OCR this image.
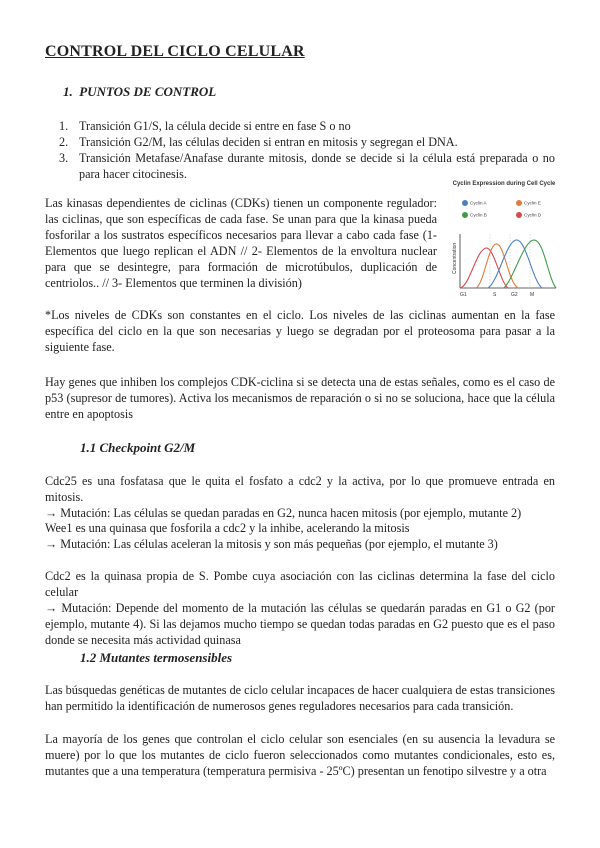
CONTROL DEL CICLO CELULAR
1. PUNTOS DE CONTROL
1. Transición G1/S, la célula decide si entre en fase S o no
2. Transición G2/M, las células deciden si entran en mitosis y segregan el DNA.
3. Transición Metafase/Anafase durante mitosis, donde se decide si la célula está preparada o no para hacer citocinesis.

Las kinasas dependientes de ciclinas (CDKs) tienen un componente regulador: las ciclinas, que son específicas de cada fase. Se unan para que la kinasa pueda fosforilar a los sustratos específicos necesarios para llevar a cabo cada fase (1- Elementos que luego replican el ADN // 2- Elementos de la envoltura nuclear para que se desintegre, para formación de microtúbulos, duplicación de centriolos.. // 3- Elementos que terminen la división)

Concentration
G1	S	G2 M
Cyclin Expression during Cell Cycle
Cyclin A	Cyclin E
Cyclin B	Cyclin D

*Los niveles de CDKs son constantes en el ciclo. Los niveles de las ciclinas aumentan en la fase específica del ciclo en la que son necesarias y luego se degradan por el proteosoma para pasar a la siguiente fase.

Hay genes que inhiben los complejos CDK-ciclina si se detecta una de estas señales, como es el caso de p53 (supresor de tumores). Activa los mecanismos de reparación o si no se soluciona, hace que la célula entre en apoptosis

1.1 Checkpoint G2/M

Cdc25 es una fosfatasa que le quita el fosfato a cdc2 y la activa, por lo que promueve entrada en mitosis.
→ Mutación: Las células se quedan paradas en G2, nunca hacen mitosis (por ejemplo, mutante 2)

Wee1 es una quinasa que fosforila a cdc2 y la inhibe, acelerando la mitosis
→ Mutación: Las células aceleran la mitosis y son más pequeñas (por ejemplo, el mutante 3)

Cdc2 es la quinasa propia de S. Pombe cuya asociación con las ciclinas determina la fase del ciclo celular
→ Mutación: Depende del momento de la mutación las células se quedarán paradas en G1 o G2 (por ejemplo, mutante 4). Si las dejamos mucho tiempo se quedan todas paradas en G2 puesto que es el paso donde se necesita más actividad quinasa

1.2 Mutantes termosensibles

Las búsquedas genéticas de mutantes de ciclo celular incapaces de hacer cualquiera de estas transiciones han permitido la identificación de numerosos genes reguladores necesarios para cada transición.

La mayoría de los genes que controlan el ciclo celular son esenciales (en su ausencia la levadura se muere) por lo que los mutantes de ciclo fueron seleccionados como mutantes condicionales, esto es, mutantes que a una temperatura (temperatura permisiva - 25ºC) presentan un fenotipo silvestre y a otra
